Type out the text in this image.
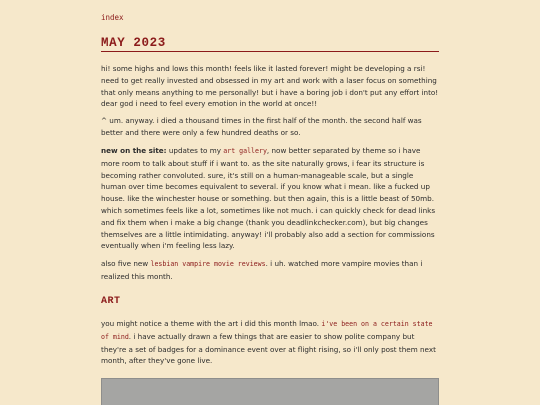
index
MAY 2023

hi! some highs and lows this month! feels like it lasted forever! might be developing a rsi! need to get really invested and obsessed in my art and work with a laser focus on something that only means anything to me personally! but i have a boring job i don't put any effort into! dear god i need to feel every emotion in the world at once!!

^ um. anyway. i died a thousand times in the first half of the month. the second half was better and there were only a few hundred deaths or so.

new on the site: updates to my art gallery, now better separated by theme so i have more room to talk about stuff if i want to. as the site naturally grows, i fear its structure is becoming rather convoluted. sure, it's still on a human-manageable scale, but a single human over time becomes equivalent to several. if you know what i mean. like a fucked up house. like the winchester house or something. but then again, this is a little beast of 50mb. which sometimes feels like a lot, sometimes like not much. i can quickly check for dead links and fix them when i make a big change (thank you deadlinkchecker.com), but big changes themselves are a little intimidating. anyway! i'll probably also add a section for commissions eventually when i'm feeling less lazy.

also five new lesbian vampire movie reviews. i uh. watched more vampire movies than i realized this month.

ART

you might notice a theme with the art i did this month lmao. i've been on a certain state of mind. i have actually drawn a few things that are easier to show polite company but they're a set of badges for a dominance event over at flight rising, so i'll only post them next month, after they've gone live.
